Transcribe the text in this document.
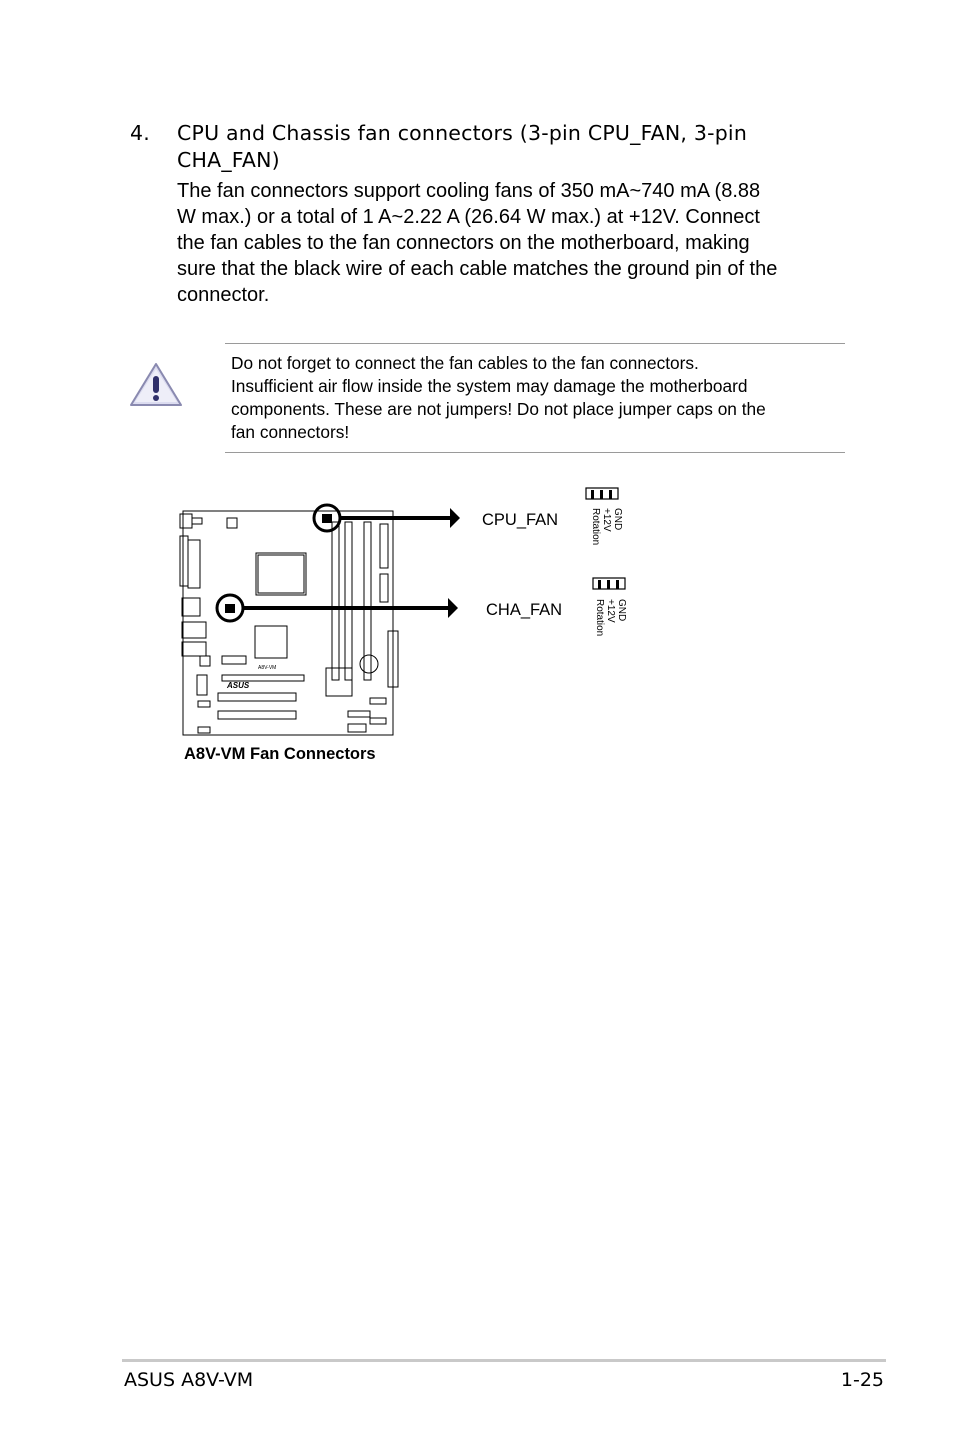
4. CPU and Chassis fan connectors (3-pin CPU_FAN, 3-pin
CHA_FAN)
The fan connectors support cooling fans of 350 mA~740 mA (8.88
W max.) or a total of 1 A~2.22 A (26.64 W max.) at +12V. Connect
the fan cables to the fan connectors on the motherboard, making
sure that the black wire of each cable matches the ground pin of the
connector.
Do not forget to connect the fan cables to the fan connectors.
Insufficient air flow inside the system may damage the motherboard
components. These are not jumpers! Do not place jumper caps on the
fan connectors!
A8V-VM
ASUS
CPU_FAN
CHA_FAN
GND
+12V
Rotation
GND
+12V
Rotation
A8V-VM Fan Connectors
ASUS A8V-VM	1-25
